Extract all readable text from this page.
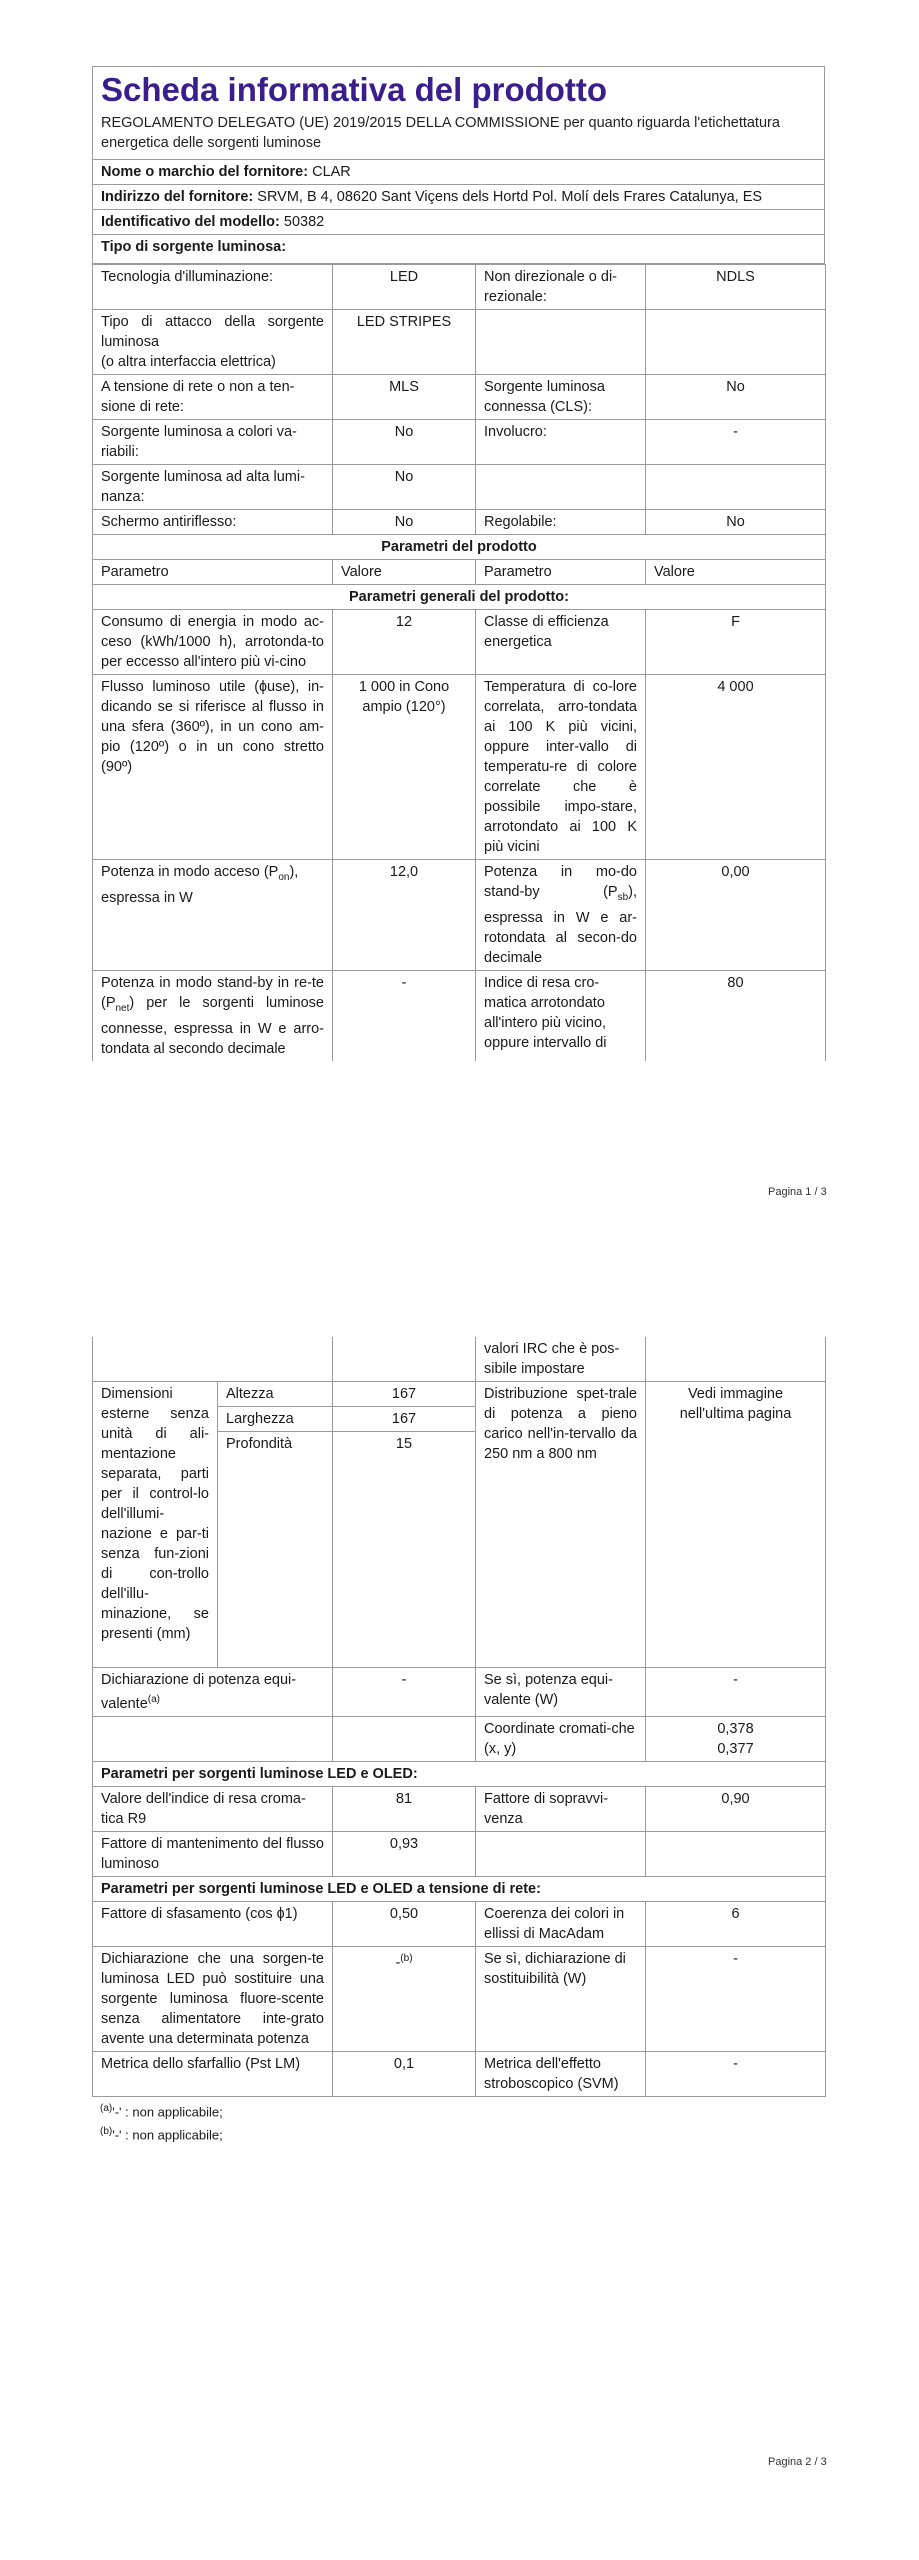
Scheda informativa del prodotto
REGOLAMENTO DELEGATO (UE) 2019/2015 DELLA COMMISSIONE per quanto riguarda l'etichettatura energetica delle sorgenti luminose
Nome o marchio del fornitore: CLAR
Indirizzo del fornitore: SRVM, B 4, 08620 Sant Viçens dels Hortd Pol. Molí dels Frares Catalunya, ES
Identificativo del modello: 50382
Tipo di sorgente luminosa:
Tecnologia d'illuminazione:	LED	Non direzionale o di-rezionale:	NDLS

Tipo di attacco della sorgente luminosa
(o altra interfaccia elettrica)	LED STRIPES		
A tensione di rete o non a ten-sione di rete:	MLS	Sorgente luminosa connessa (CLS):	No
Sorgente luminosa a colori va-riabili:	No	Involucro:	-
Sorgente luminosa ad alta lumi-nanza:	No		
Schermo antiriflesso:	No	Regolabile:	No
Parametri del prodotto			
Parametro	Valore	Parametro	Valore
Parametri generali del prodotto:			
Consumo di energia in modo ac-ceso (kWh/1000 h), arrotonda-to per eccesso all'intero più vi-cino	12	Classe di efficienza energetica	F
Flusso luminoso utile (ɸuse), in-dicando se si riferisce al flusso in una sfera (360º), in un cono am-pio (120º) o in un cono stretto (90º)	1 000 in Cono ampio (120°)	Temperatura di co-lore correlata, arro-tondata ai 100 K più vicini, oppure inter-vallo di temperatu-re di colore correlate che è possibile impo-stare, arrotondato ai 100 K più vicini	4 000
Potenza in modo acceso $(P_{on})$, espressa in W	12,0	Potenza in mo-do stand-by $(P_{sb})$, espressa in W e ar-rotondata al secon-do decimale	0,00
Potenza in modo stand-by in re-te $(P_{net})$ per le sorgenti luminose connesse, espressa in W e arro-tondata al secondo decimale	-	Indice di resa cro-matica arrotondato all'intero più vicino, oppure intervallo di	80
Pagina 1 / 3
			valori IRC che è pos-sibile impostare	
Dimensioni esterne senza unità di ali-mentazione separata, parti per il control-lo dell'illumi-nazione e par-ti senza fun-zioni di con-trollo dell'illu-minazione, se presenti (mm)	Altezza	167	Distribuzione spet-trale di potenza a pieno carico nell'in-tervallo da 250 nm a 800 nm	Vedi immagine nell'ultima pagina
	Larghezza	167		
	Profondità	15		
Dichiarazione di potenza equi-valente$^{(a)}$		-	Se sì, potenza equi-valente (W)	-
			Coordinate cromati-che (x, y)	0,378
0,377

Parametri per sorgenti luminose LED e OLED:				
Valore dell'indice di resa croma-tica R9		81	Fattore di sopravvi-venza	0,90
Fattore di mantenimento del flusso luminoso		0,93		
Parametri per sorgenti luminose LED e OLED a tensione di rete:				
Fattore di sfasamento (cos ɸ1)		0,50	Coerenza dei colori in ellissi di MacAdam	6
Dichiarazione che una sorgen-te luminosa LED può sostituire una sorgente luminosa fluore-scente senza alimentatore inte-grato avente una determinata potenza		-$^{(b)}$	Se sì, dichiarazione di sostituibilità (W)	-
Metrica dello sfarfallio (Pst LM)		0,1	Metrica dell'effetto stroboscopico (SVM)	-
$^{(a)}$'-' : non applicabile;
$^{(b)}$'-' : non applicabile;
Pagina 2 / 3
